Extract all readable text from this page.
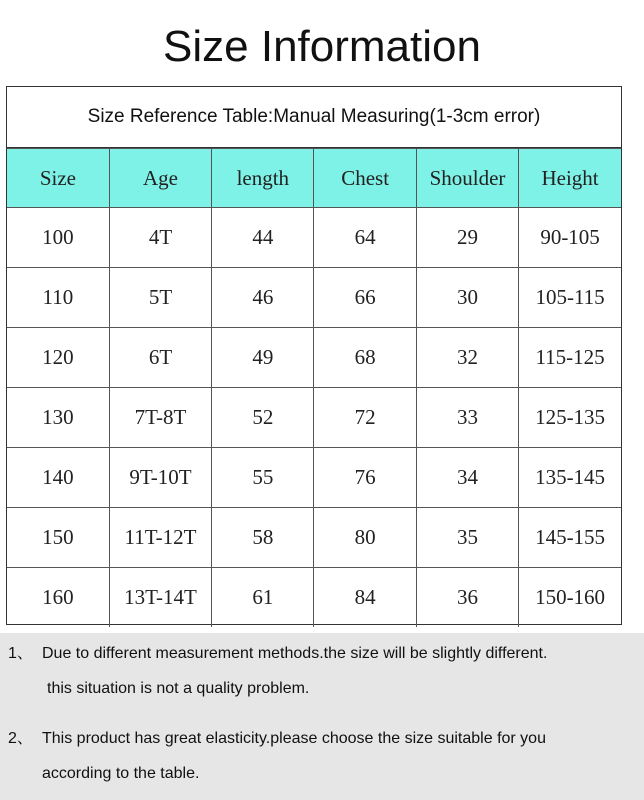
Size Information
Size Reference Table:Manual Measuring(1-3cm error)
Size	Age	length	Chest	Shoulder	Height
100	4T	44	64	29	90-105
110	5T	46	66	30	105-115
120	6T	49	68	32	115-125
130	7T-8T	52	72	33	125-135
140	9T-10T	55	76	34	135-145
150	11T-12T	58	80	35	145-155
160	13T-14T	61	84	36	150-160
1、 Due to different measurement methods.the size will be slightly different.
this situation is not a quality problem.
2、 This product has great elasticity.please choose the size suitable for you
according to the table.
